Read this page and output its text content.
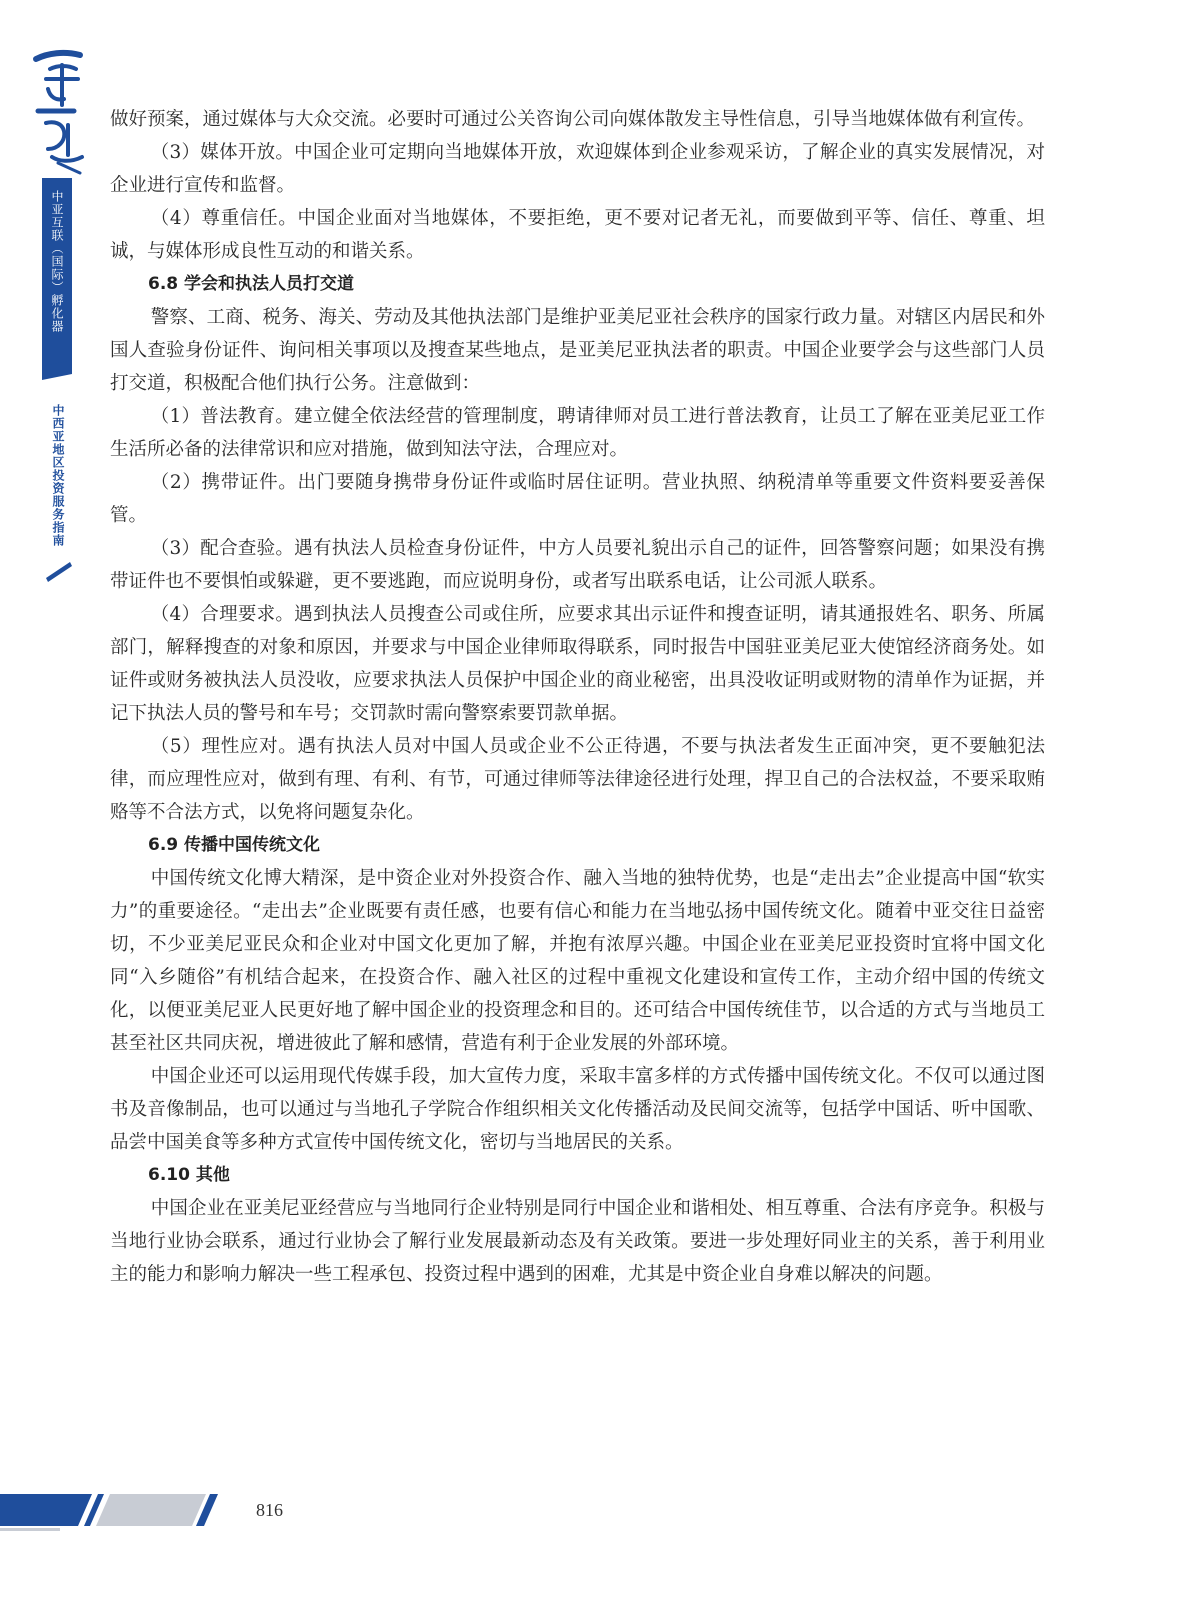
中亚互联（国际）孵化器
中西亚地区投资服务指南

做好预案，通过媒体与大众交流。必要时可通过公关咨询公司向媒体散发主导性信息，引导当地媒体做有利宣传。

（3）媒体开放。中国企业可定期向当地媒体开放，欢迎媒体到企业参观采访，了解企业的真实发展情况，对企业进行宣传和监督。

（4）尊重信任。中国企业面对当地媒体，不要拒绝，更不要对记者无礼，而要做到平等、信任、尊重、坦诚，与媒体形成良性互动的和谐关系。

6.8 学会和执法人员打交道

警察、工商、税务、海关、劳动及其他执法部门是维护亚美尼亚社会秩序的国家行政力量。对辖区内居民和外国人查验身份证件、询问相关事项以及搜查某些地点，是亚美尼亚执法者的职责。中国企业要学会与这些部门人员打交道，积极配合他们执行公务。注意做到：

（1）普法教育。建立健全依法经营的管理制度，聘请律师对员工进行普法教育，让员工了解在亚美尼亚工作生活所必备的法律常识和应对措施，做到知法守法，合理应对。

（2）携带证件。出门要随身携带身份证件或临时居住证明。营业执照、纳税清单等重要文件资料要妥善保管。

（3）配合查验。遇有执法人员检查身份证件，中方人员要礼貌出示自己的证件，回答警察问题；如果没有携带证件也不要惧怕或躲避，更不要逃跑，而应说明身份，或者写出联系电话，让公司派人联系。

（4）合理要求。遇到执法人员搜查公司或住所，应要求其出示证件和搜查证明，请其通报姓名、职务、所属部门，解释搜查的对象和原因，并要求与中国企业律师取得联系，同时报告中国驻亚美尼亚大使馆经济商务处。如证件或财务被执法人员没收，应要求执法人员保护中国企业的商业秘密，出具没收证明或财物的清单作为证据，并记下执法人员的警号和车号；交罚款时需向警察索要罚款单据。

（5）理性应对。遇有执法人员对中国人员或企业不公正待遇，不要与执法者发生正面冲突，更不要触犯法律，而应理性应对，做到有理、有利、有节，可通过律师等法律途径进行处理，捍卫自己的合法权益，不要采取贿赂等不合法方式，以免将问题复杂化。

6.9 传播中国传统文化

中国传统文化博大精深，是中资企业对外投资合作、融入当地的独特优势，也是“走出去”企业提高中国“软实力”的重要途径。“走出去”企业既要有责任感，也要有信心和能力在当地弘扬中国传统文化。随着中亚交往日益密切，不少亚美尼亚民众和企业对中国文化更加了解，并抱有浓厚兴趣。中国企业在亚美尼亚投资时宜将中国文化同“入乡随俗”有机结合起来，在投资合作、融入社区的过程中重视文化建设和宣传工作，主动介绍中国的传统文化，以便亚美尼亚人民更好地了解中国企业的投资理念和目的。还可结合中国传统佳节，以合适的方式与当地员工甚至社区共同庆祝，增进彼此了解和感情，营造有利于企业发展的外部环境。

中国企业还可以运用现代传媒手段，加大宣传力度，采取丰富多样的方式传播中国传统文化。不仅可以通过图书及音像制品，也可以通过与当地孔子学院合作组织相关文化传播活动及民间交流等，包括学中国话、听中国歌、品尝中国美食等多种方式宣传中国传统文化，密切与当地居民的关系。

6.10 其他

中国企业在亚美尼亚经营应与当地同行企业特别是同行中国企业和谐相处、相互尊重、合法有序竞争。积极与当地行业协会联系，通过行业协会了解行业发展最新动态及有关政策。要进一步处理好同业主的关系，善于利用业主的能力和影响力解决一些工程承包、投资过程中遇到的困难，尤其是中资企业自身难以解决的问题。

816
